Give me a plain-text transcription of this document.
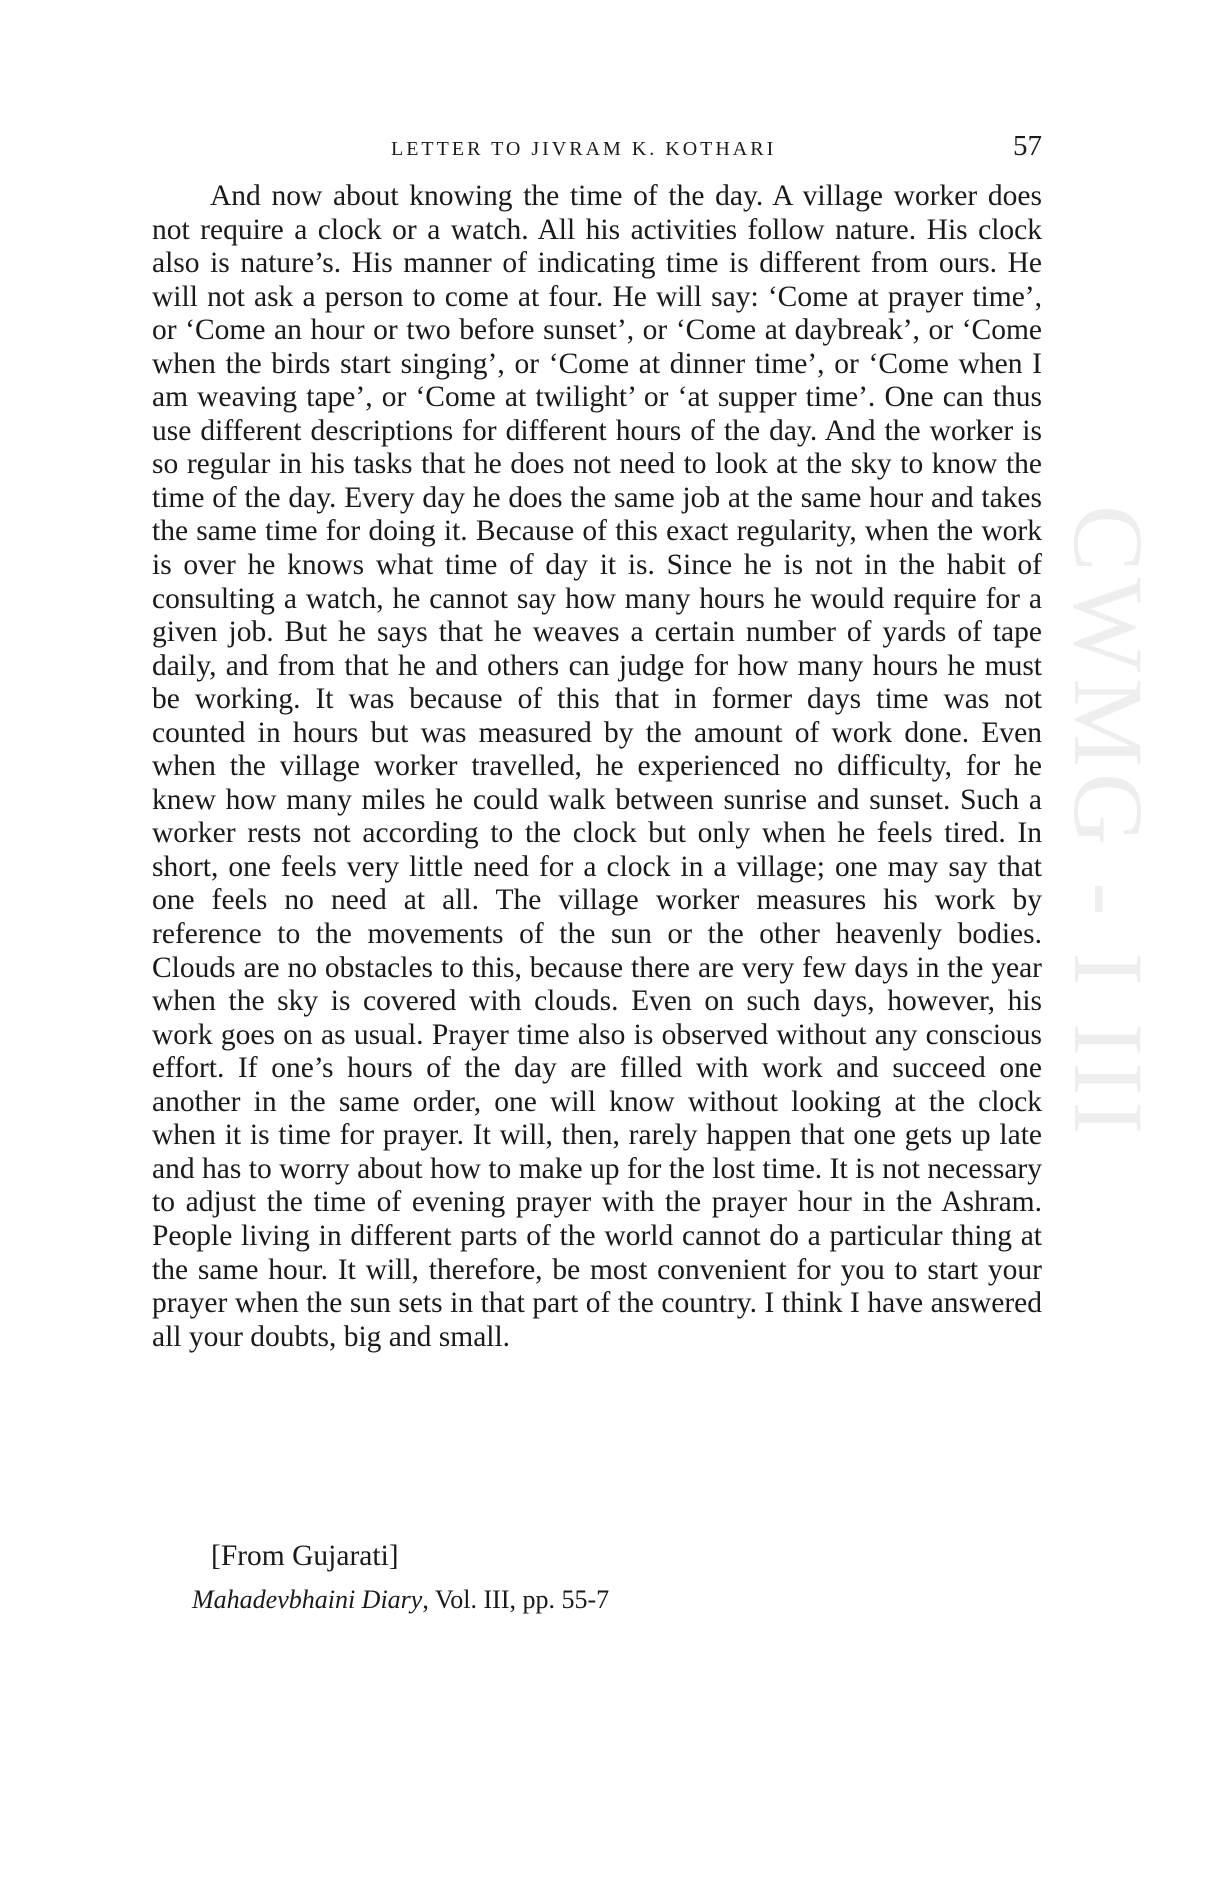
CWMG - I III
LETTER TO JIVRAM K. KOTHARI	57

And now about knowing the time of the day. A village worker does not require a clock or a watch. All his activities follow nature. His clock also is nature’s. His manner of indicating time is different from ours. He will not ask a person to come at four. He will say: ‘Come at prayer time’, or ‘Come an hour or two before sunset’, or ‘Come at daybreak’, or ‘Come when the birds start singing’, or ‘Come at dinner time’, or ‘Come when I am weaving tape’, or ‘Come at twilight’ or ‘at supper time’. One can thus use different descriptions for different hours of the day. And the worker is so regular in his tasks that he does not need to look at the sky to know the time of the day. Every day he does the same job at the same hour and takes the same time for doing it. Because of this exact regularity, when the work is over he knows what time of day it is. Since he is not in the habit of consulting a watch, he cannot say how many hours he would require for a given job. But he says that he weaves a certain number of yards of tape daily, and from that he and others can judge for how many hours he must be working. It was because of this that in former days time was not counted in hours but was measured by the amount of work done. Even when the village worker travelled, he experienced no difficulty, for he knew how many miles he could walk between sunrise and sunset. Such a worker rests not according to the clock but only when he feels tired. In short, one feels very little need for a clock in a village; one may say that one feels no need at all. The village worker measures his work by reference to the movements of the sun or the other heavenly bodies. Clouds are no obstacles to this, because there are very few days in the year when the sky is covered with clouds. Even on such days, however, his work goes on as usual. Prayer time also is observed without any conscious effort. If one’s hours of the day are filled with work and succeed one another in the same order, one will know without looking at the clock when it is time for prayer. It will, then, rarely happen that one gets up late and has to worry about how to make up for the lost time. It is not necessary to adjust the time of evening prayer with the prayer hour in the Ashram. People living in different parts of the world cannot do a particular thing at the same hour. It will, therefore, be most convenient for you to start your prayer when the sun sets in that part of the country. I think I have answered all your doubts, big and small.

[From Gujarati]

Mahadevbhaini Diary, Vol. III, pp. 55-7
